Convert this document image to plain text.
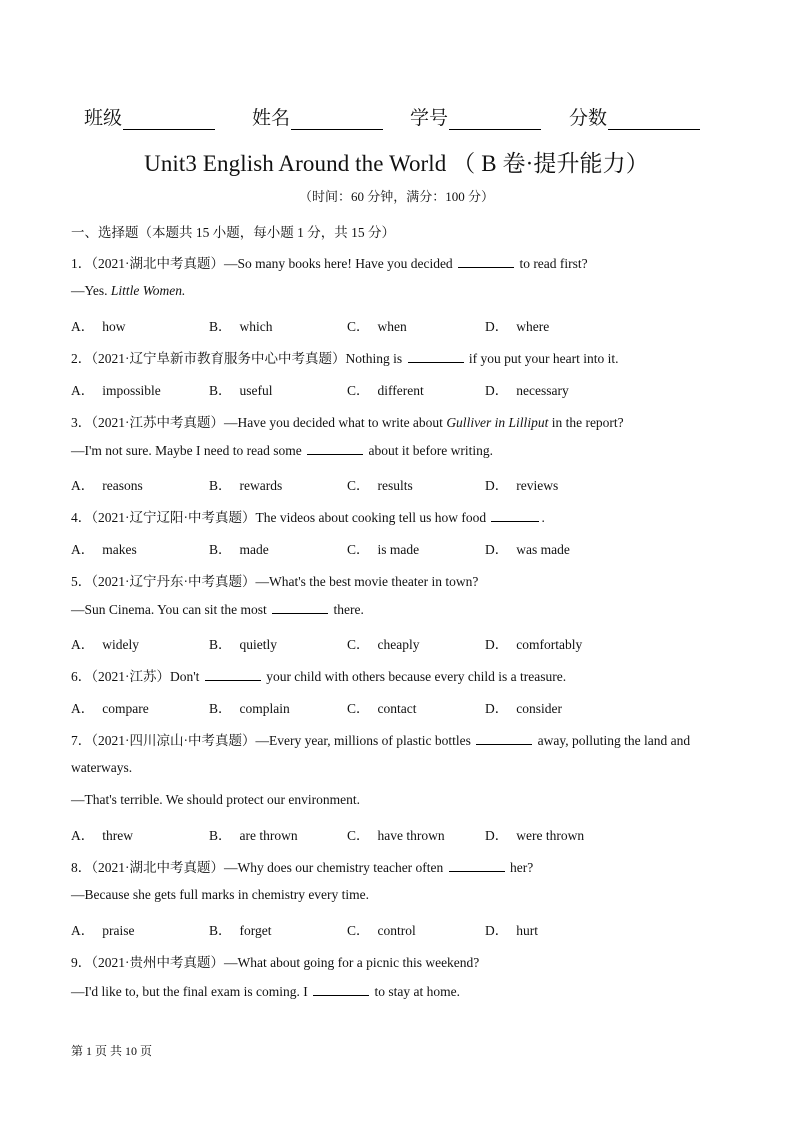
班级	姓名	学号	分数
Unit3 English Around the World （ B 卷·提升能力）
（时间：60 分钟，满分：100 分）
一、选择题（本题共 15 小题，每小题 1 分，共 15 分）
1．（2021·湖北中考真题）—So many books here! Have you decided	to read first?
—Yes. Little Women.
A． how	B． which	C． when	D． where
2．（2021·辽宁阜新市教育服务中心中考真题）Nothing is	if you put your heart into it.
A． impossible	B． useful	C． different	D． necessary
3．（2021·江苏中考真题）—Have you decided what to write about Gulliver in Lilliput in the report?
—I'm not sure. Maybe I need to read some	about it before writing.
A． reasons	B． rewards	C． results	D． reviews
4．（2021·辽宁辽阳·中考真题）The videos about cooking tell us how food	.
A． makes	B． made	C． is made	D． was made
5．（2021·辽宁丹东·中考真题）—What's the best movie theater in town?
—Sun Cinema. You can sit the most	there.
A． widely	B． quietly	C． cheaply	D． comfortably
6．（2021·江苏）Don't	your child with others because every child is a treasure.
A． compare	B． complain	C． contact	D． consider
7．（2021·四川凉山·中考真题）—Every year, millions of plastic bottles	away, polluting the land and
waterways.
—That's terrible. We should protect our environment.
A． threw	B． are thrown	C． have thrown	D． were thrown
8．（2021·湖北中考真题）—Why does our chemistry teacher often	her?
—Because she gets full marks in chemistry every time.
A． praise	B． forget	C． control	D． hurt
9．（2021·贵州中考真题）—What about going for a picnic this weekend?
—I'd like to, but the final exam is coming. I	to stay at home.
第 1 页 共 10 页
